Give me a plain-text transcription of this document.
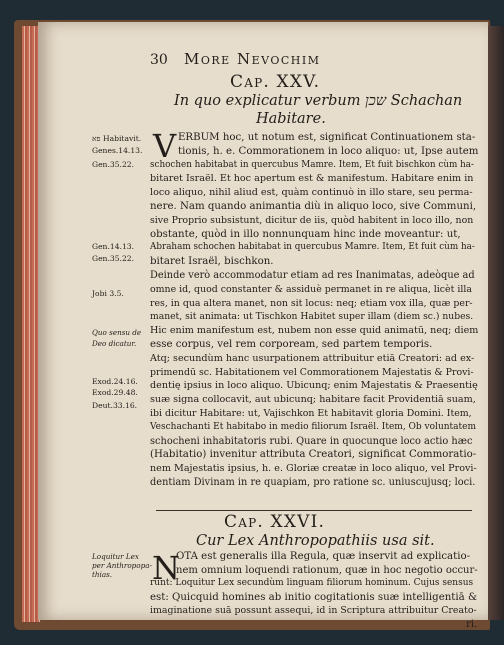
30 More Nevochim
Cap. XXV.
In quo explicatur verbum שכן Schachan
Habitare.
פא Habitavit.
Genes.14.13.
Gen.35.22.
Gen.14.13.
Gen.35.22.
Jobi 3.5.
Quo sensu de
Deo dicatur.
Exod.24.16.
Exod.29.48.
Deut.33.16.
V ERBUM hoc, ut notum est, significat Continuationem sta-
tionis, h. e. Commorationem in loco aliquo: ut, Ipse autem
schochen habitabat in quercubus Mamre. Item, Et fuit bischkon cùm ha-
bitaret Israël. Et hoc apertum est & manifestum. Habitare enim in
loco aliquo, nihil aliud est, quàm continuò in illo stare, seu perma-
nere. Nam quando animantia diù in aliquo loco, sive Communi,
sive Proprio subsistunt, dicitur de iis, quòd habitent in loco illo, non
obstante, quòd in illo nonnunquam hinc inde moveantur: ut,
Abraham schochen habitabat in quercubus Mamre. Item, Et fuit cùm ha-
bitaret Israël, bischkon.
Deinde verò accommodatur etiam ad res Inanimatas, adeòque ad
omne id, quod constanter & assiduè permanet in re aliqua, licèt illa
res, in qua altera manet, non sit locus: neq; etiam vox illa, quæ per-
manet, sit animata: ut Tischkon Habitet super illam (diem sc.) nubes.
Hic enim manifestum est, nubem non esse quid animatū, neq; diem
esse corpus, vel rem corpoream, sed partem temporis.
Atq; secundùm hanc usurpationem attribuitur etiā Creatori: ad ex-
primendū sc. Habitationem vel Commorationem Majestatis & Provi-
dentię ipsius in loco aliquo. Ubicunq; enim Majestatis & Praesentię
suæ signa collocavit, aut ubicunq; habitare facit Providentiā suam,
ibi dicitur Habitare: ut, Vajischkon Et habitavit gloria Domini. Item,
Veschachanti Et habitabo in medio filiorum Israël. Item, Ob voluntatem
schocheni inhabitatoris rubi. Quare in quocunque loco actio hæc
(Habitatio) invenitur attributa Creatori, significat Commoratio-
nem Majestatis ipsius, h. e. Gloriæ creatæ in loco aliquo, vel Provi-
dentiam Divinam in re quapiam, pro ratione sc. uniuscujusq; loci.
Cap. XXVI.
Cur Lex Anthropopathiis usa sit.
Loquitur Lex
per Anthropopa-
thias. N
OTA est generalis illa Regula, quæ inservit ad explicatio-
nem omnium loquendi rationum, quæ in hoc negotio occur-
runt: Loquitur Lex secundùm linguam filiorum hominum. Cujus sensus
est: Quicquid homines ab initio cogitationis suæ intelligentiā &
imaginatione suā possunt assequi, id in Scriptura attribuitur Creato-
ri.
